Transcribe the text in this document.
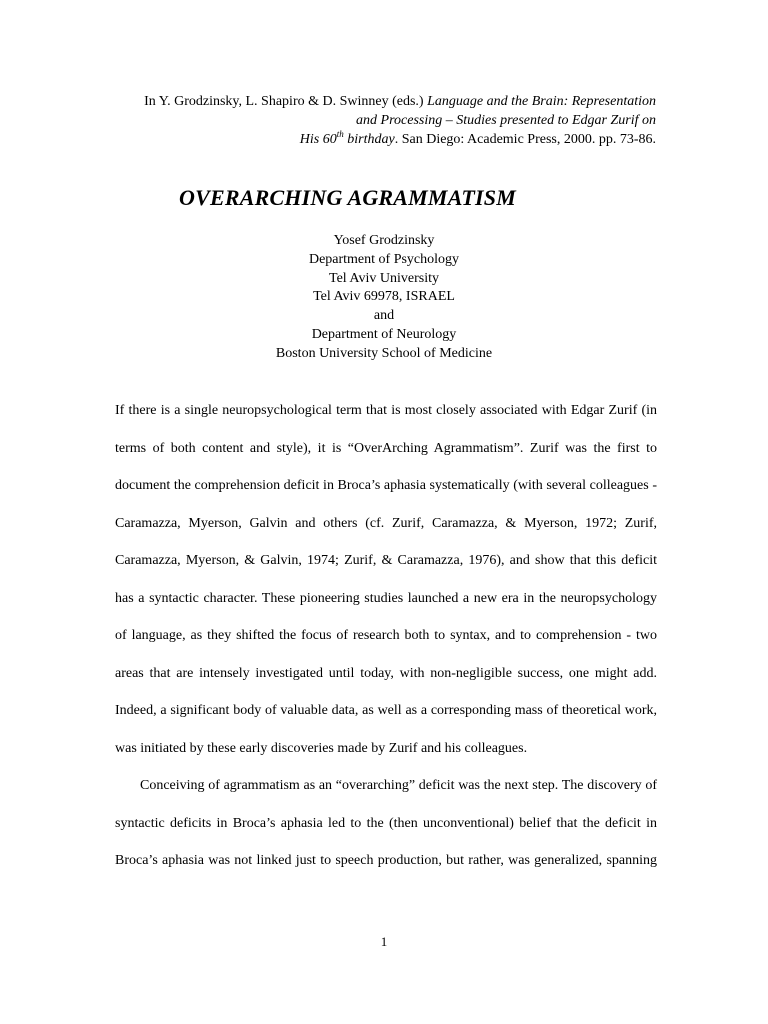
In Y. Grodzinsky, L. Shapiro & D. Swinney (eds.) Language and the Brain: Representation
and Processing – Studies presented to Edgar Zurif on
His 60th birthday. San Diego: Academic Press, 2000. pp. 73-86.
OVERARCHING AGRAMMATISM
Yosef Grodzinsky
Department of Psychology
Tel Aviv University
Tel Aviv 69978, ISRAEL
and
Department of Neurology
Boston University School of Medicine
If there is a single neuropsychological term that is most closely associated with Edgar Zurif (in
terms of both content and style), it is “OverArching Agrammatism”. Zurif was the first to
document the comprehension deficit in Broca’s aphasia systematically (with several colleagues -
Caramazza, Myerson, Galvin and others (cf. Zurif, Caramazza, & Myerson, 1972; Zurif,
Caramazza, Myerson, & Galvin, 1974; Zurif, & Caramazza, 1976), and show that this deficit
has a syntactic character. These pioneering studies launched a new era in the neuropsychology
of language, as they shifted the focus of research both to syntax, and to comprehension - two
areas that are intensely investigated until today, with non-negligible success, one might add.
Indeed, a significant body of valuable data, as well as a corresponding mass of theoretical work,
was initiated by these early discoveries made by Zurif and his colleagues.
Conceiving of agrammatism as an “overarching” deficit was the next step. The discovery of
syntactic deficits in Broca’s aphasia led to the (then unconventional) belief that the deficit in
Broca’s aphasia was not linked just to speech production, but rather, was generalized, spanning
1
